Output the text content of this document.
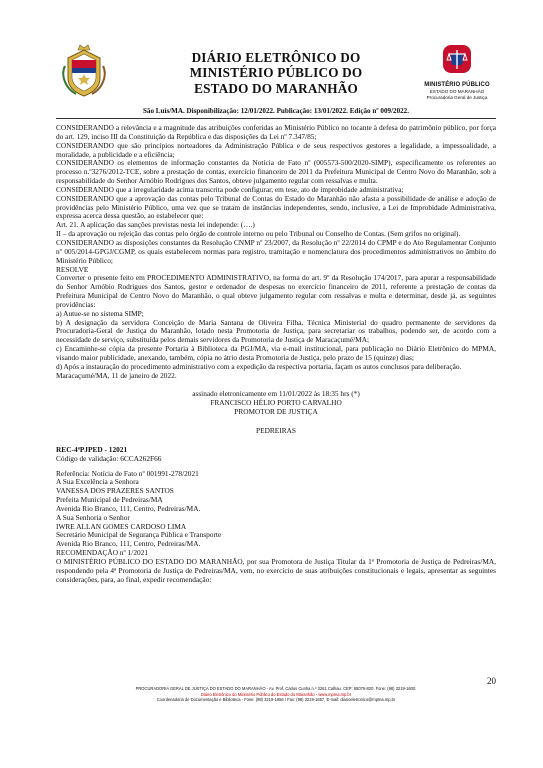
DIÁRIO ELETRÔNICO DO
MINISTÉRIO PÚBLICO DO
ESTADO DO MARANHÃO	MINISTÉRIO PÚBLICO
ESTADO DO MARANHÃO
Procuradoria Geral de Justiça
São Luís/MA. Disponibilização: 12/01/2022. Publicação: 13/01/2022. Edição nº 009/2022.

CONSIDERANDO a relevância e a magnitude das atribuições conferidas ao Ministério Público no tocante à defesa do patrimônio público, por força do art. 129, inciso III da Constituição da República e das disposições da Lei nº 7.347/85;

CONSIDERANDO que são princípios norteadores da Administração Pública e de seus respectivos gestores a legalidade, a impessoalidade, a moralidade, a publicidade e a eficiência;

CONSIDERANDO os elementos de informação constantes da Notícia de Fato nº (005573-500/2020-SIMP), especificamente os referentes ao processo n.º3276/2012-TCE, sobre a prestação de contas, exercício financeiro de 2011 da Prefeitura Municipal de Centro Novo do Maranhão, sob a responsabilidade do Senhor Arnóbio Rodrigues dos Santos, obteve julgamento regular com ressalvas e multa.

CONSIDERANDO que a irregularidade acima transcrita pode configurar, em tese, ato de improbidade administrativa;

CONSIDERANDO que a aprovação das contas pelo Tribunal de Contas do Estado do Maranhão não afasta a possibilidade de análise e adoção de providências pelo Ministério Público, uma vez que se tratam de instâncias independentes, sendo, inclusive, a Lei de Improbidade Administrativa, expressa acerca dessa questão, ao estabelecer que:

Art. 21. A aplicação das sanções previstas nesta lei independe: (….)

II – da aprovação ou rejeição das contas pelo órgão de controle interno ou pelo Tribunal ou Conselho de Contas. (Sem grifos no original).

CONSIDERANDO as disposições constantes da Resolução CNMP nº 23/2007, da Resolução nº 22/2014 do CPMP e do Ato Regulamentar Conjunto nº 005/2014-GPGJ/CGMP, os quais estabelecem normas para registro, tramitação e nomenclatura dos procedimentos administrativos no âmbito do Ministério Público;

RESOLVE

Converter o presente feito em PROCEDIMENTO ADMINISTRATIVO, na forma do art. 9º da Resolução 174/2017, para apurar a responsabilidade do Senhor Arnóbio Rodrigues dos Santos, gestor e ordenador de despesas no exercício financeiro de 2011, referente a prestação de contas da Prefeitura Municipal de Centro Novo do Maranhão, o qual obteve julgamento regular com ressalvas e multa e determinar, desde já, as seguintes providências:

a) Autue-se no sistema SIMP;

b) A designação da servidora Conceição de Maria Santana de Oliveira Filha, Técnica Ministerial do quadro permanente de servidores da Procuradoria-Geral de Justiça do Maranhão, lotado nesta Promotoria de Justiça, para secretariar os trabalhos, podendo ser, de acordo com a necessidade de serviço, substituída pelos demais servidores da Promotoria de Justiça de Maracaçumé/MA;

c) Encaminhe-se cópia da presente Portaria à Biblioteca da PGJ/MA, via e-mail institucional, para publicação no Diário Eletrônico do MPMA, visando maior publicidade, anexando, também, cópia no átrio desta Promotoria de Justiça, pelo prazo de 15 (quinze) dias;

d) Após a instauração do procedimento administrativo com a expedição da respectiva portaria, façam os autos conclusos para deliberação.

Maracaçumé/MA, 11 de janeiro de 2022.

assinado eletronicamente em 11/01/2022 às 18:35 hrs (*)
FRANCISCO HÉLIO PORTO CARVALHO
PROMOTOR DE JUSTIÇA
PEDREIRAS
REC-4ªPJPED - 12021
Código de validação: 6CCA262F66
Referência: Notícia de Fato nº 001991-278/2021
A Sua Excelência a Senhora
VANESSA DOS PRAZERES SANTOS
Prefeita Municipal de Pedreiras/MA
Avenida Rio Branco, 111, Centro, Pedreiras/MA.
A Sua Senhoria o Senhor
IWRE ALLAN GOMES CARDOSO LIMA
Secretário Municipal de Segurança Pública e Transporte
Avenida Rio Branco, 111, Centro, Pedreiras/MA.
RECOMENDAÇÃO nº 1/2021

O MINISTÉRIO PÚBLICO DO ESTADO DO MARANHÃO, por sua Promotora de Justiça Titular da 1ª Promotoria de Justiça de Pedreiras/MA, respondendo pela 4ª Promotoria de Justiça de Pedreiras/MA, vem, no exercício de suas atribuições constitucionais e legais, apresentar as seguintes considerações, para, ao final, expedir recomendação:

20
PROCURADORIA GERAL DE JUSTIÇA DO ESTADO DO MARANHÃO - Av. Prof. Carlos Cunha n.º 3261 Calhau. CEP: 65076-820. Fone: (98) 3219-1600.
Diário Eletrônico do Ministério Público do Estado do Maranhão - www.mpma.mp.br
Coordenadoria de Documentação e Biblioteca - Fone: (98) 3219-1656 / Fax: (98) 3219-1657, E-mail: diarioeletronico@mpma.mp.br
